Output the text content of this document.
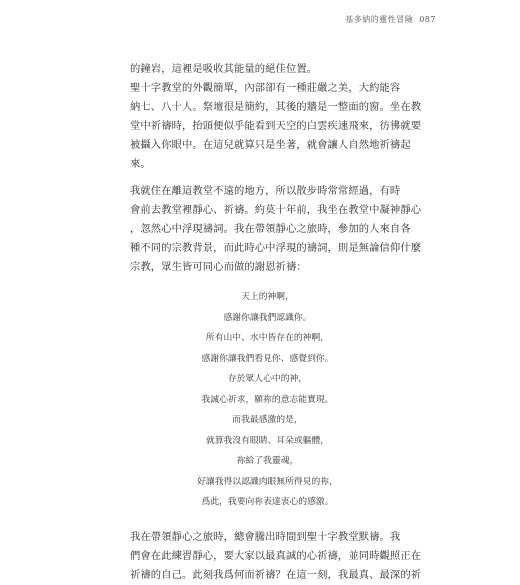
基多納的靈性冒險 087

的鐘岩，這裡是吸收其能量的絕佳位置。

聖十字教堂的外觀簡單，內部卻有一種莊嚴之美，大約能容
納七、八十人。祭壇很是簡約，其後的牆是一整面的窗。坐在教
堂中祈禱時，抬頭便似乎能看到天空的白雲疾速飛來，彷彿就要
被攝入你眼中。在這兒就算只是坐著，就會讓人自然地祈禱起
來。

我就住在離這教堂不遠的地方，所以散步時常常經過，有時
會前去教堂裡靜心、祈禱。約莫十年前，我坐在教堂中凝神靜心
，忽然心中浮現禱詞。我在帶領靜心之旅時，參加的人來自各
種不同的宗教背景，而此時心中浮現的禱詞，則是無論信仰什麼
宗教，眾生皆可同心而做的謝恩祈禱：

天上的神啊，
感謝你讓我們認識你。
所有山中、水中皆存在的神啊，
感謝你讓我們看見你、感覺到你。
存於眾人心中的神，
我誠心祈求，願祢的意志能實現。
而我最感激的是，
就算我沒有眼睛、耳朵或軀體，
祢給了我靈魂，
好讓我得以認識肉眼無所得見的祢，
爲此，我要向祢表達衷心的感激。

我在帶領靜心之旅時，總會騰出時間到聖十字教堂默禱。我
們會在此練習靜心，要大家以最真誠的心祈禱，並同時觀照正在
祈禱的自己。此刻我爲何而祈禱？在這一刻，我最真、最深的祈
